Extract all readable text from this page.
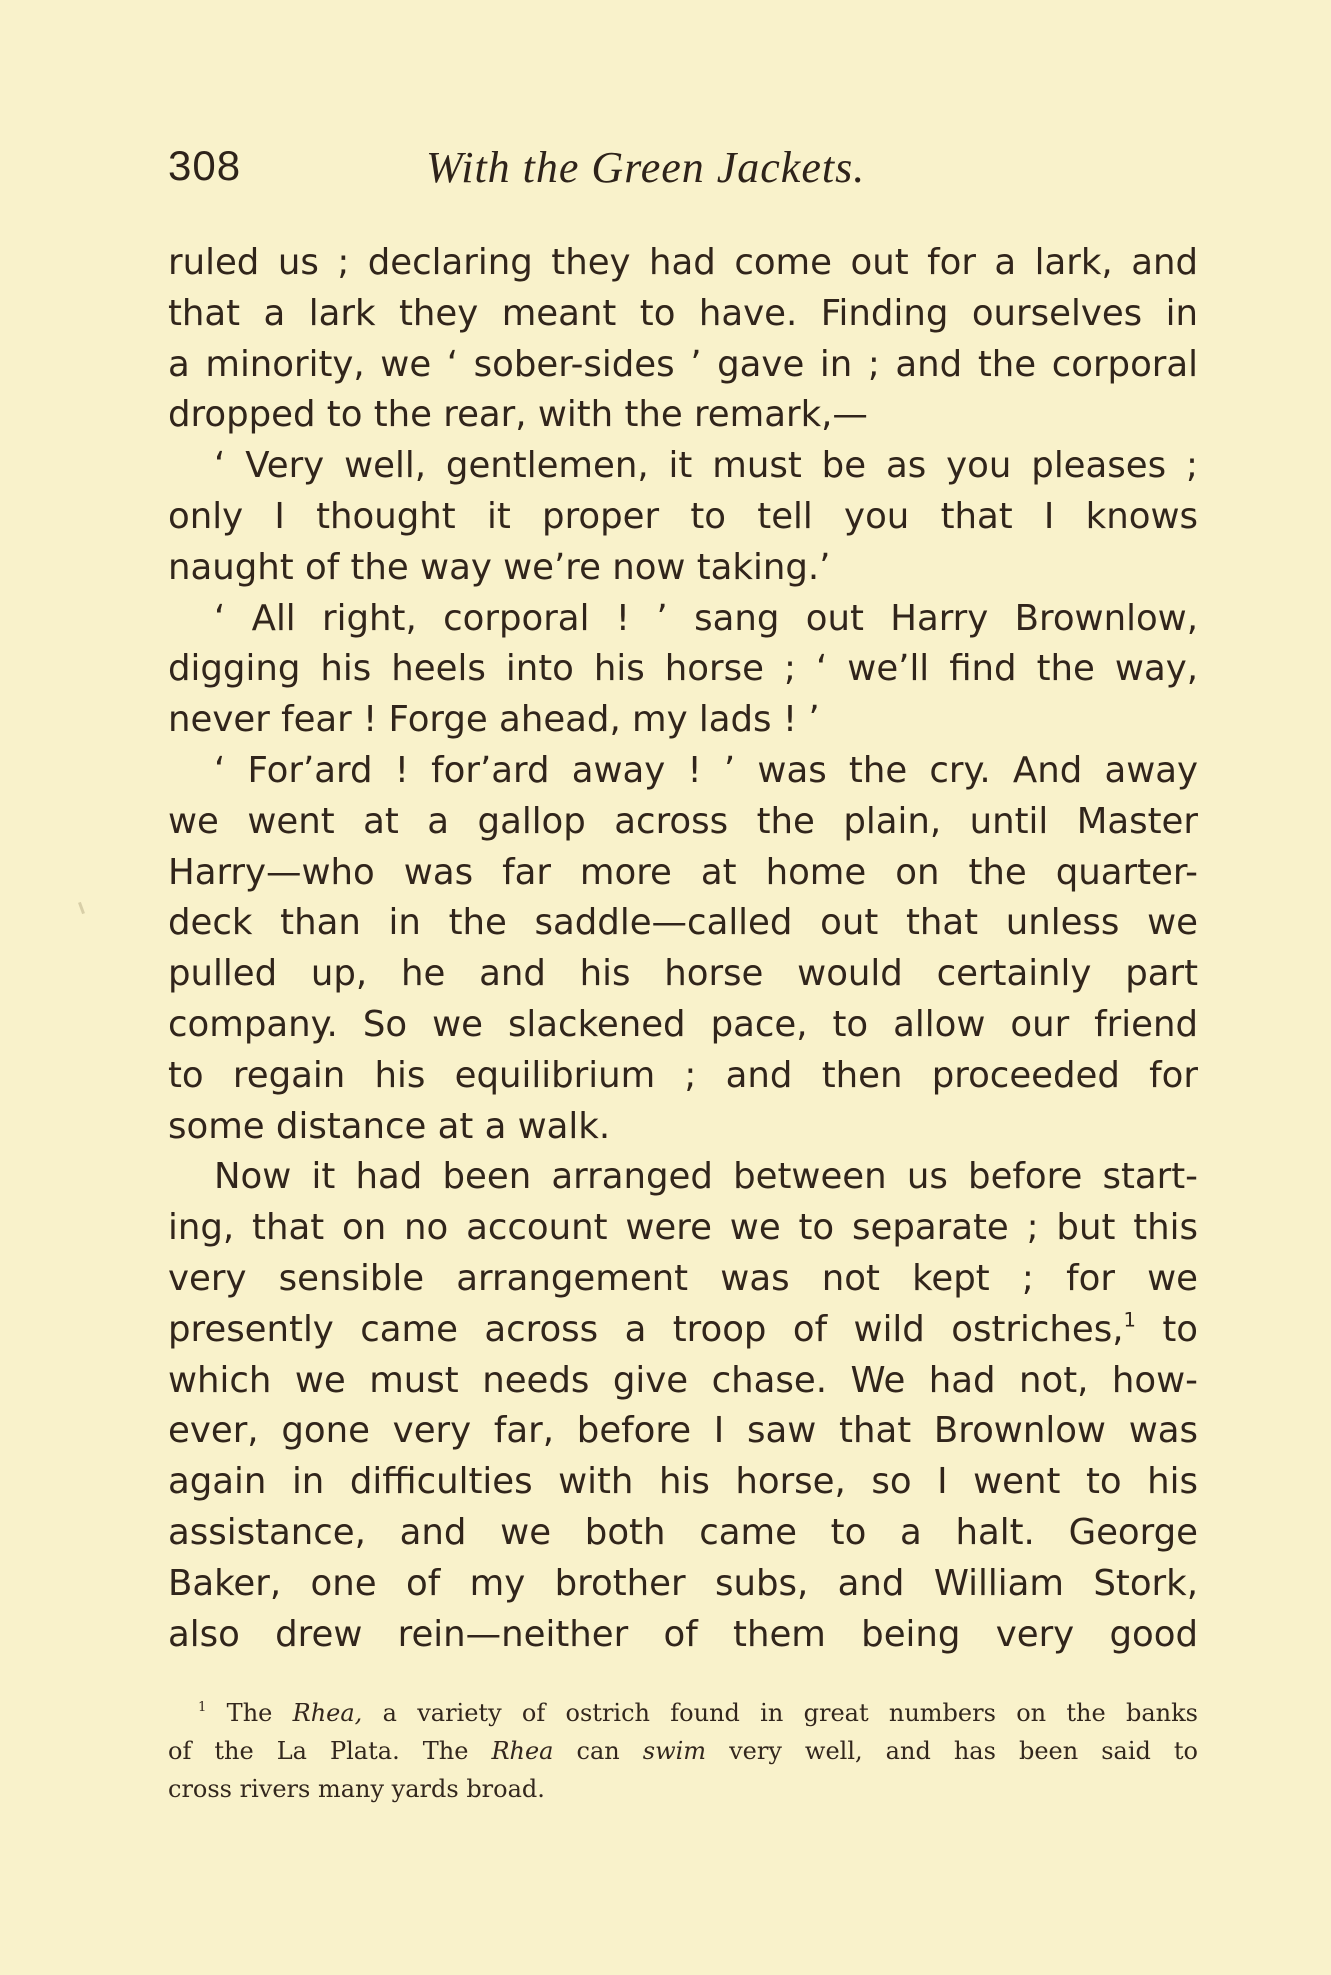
308	With the Green Jackets.
ruled us ; declaring they had come out for a lark, and
that a lark they meant to have. Finding ourselves in
a minority, we ‘ sober-sides ’ gave in ; and the corporal
dropped to the rear, with the remark,—
‘ Very well, gentlemen, it must be as you pleases ;
only I thought it proper to tell you that I knows
naught of the way we’re now taking.’
‘ All right, corporal ! ’ sang out Harry Brownlow,
digging his heels into his horse ; ‘ we’ll find the way,
never fear ! Forge ahead, my lads ! ’
‘ For’ard ! for’ard away ! ’ was the cry. And away
we went at a gallop across the plain, until Master
Harry—who was far more at home on the quarter-
deck than in the saddle—called out that unless we
pulled up, he and his horse would certainly part
company. So we slackened pace, to allow our friend
to regain his equilibrium ; and then proceeded for
some distance at a walk.
Now it had been arranged between us before start-
ing, that on no account were we to separate ; but this
very sensible arrangement was not kept ; for we
presently came across a troop of wild ostriches,$^1$ to
which we must needs give chase. We had not, how-
ever, gone very far, before I saw that Brownlow was
again in difficulties with his horse, so I went to his
assistance, and we both came to a halt. George
Baker, one of my brother subs, and William Stork,
also drew rein—neither of them being very good
$^1$ The Rhea, a variety of ostrich found in great numbers on the banks
of the La Plata. The Rhea can swim very well, and has been said to
cross rivers many yards broad.
